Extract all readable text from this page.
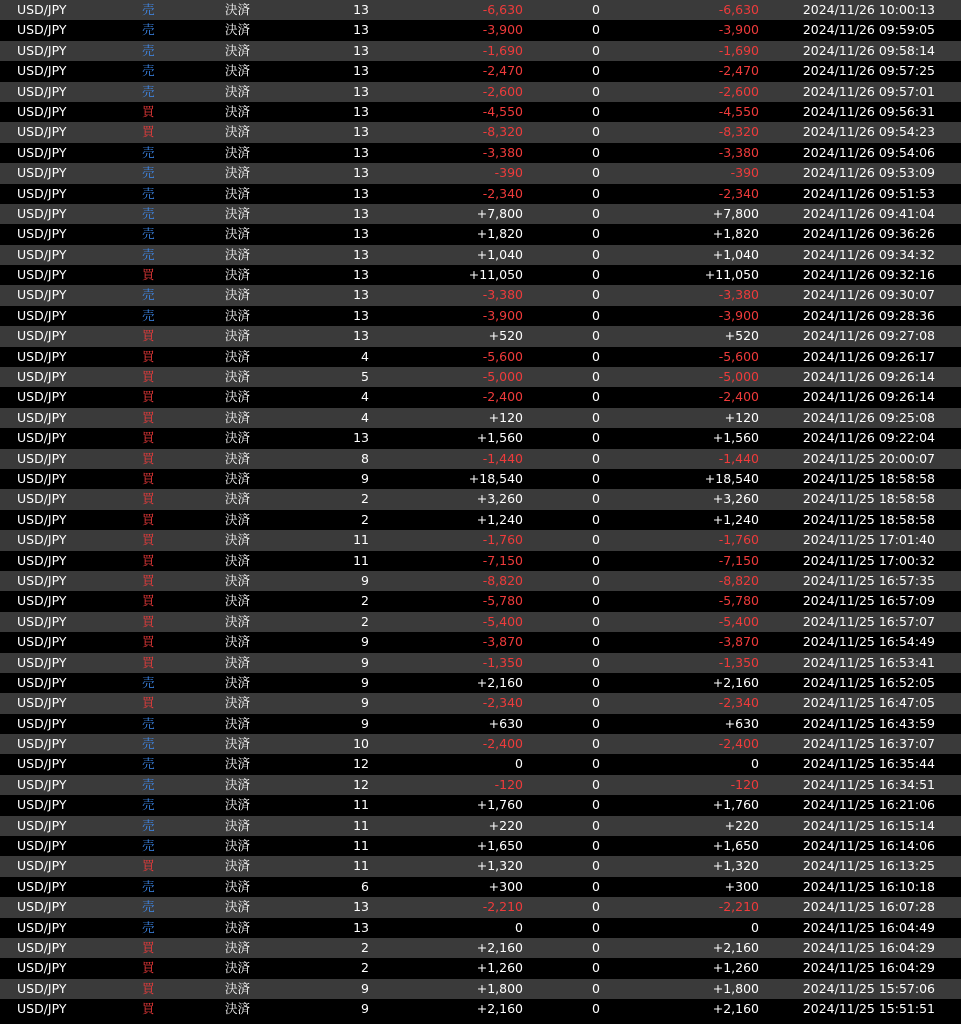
USD/JPY	売	決済	13	-6,630	0	-6,630	2024/11/26 10:00:13
USD/JPY	売	決済	13	-3,900	0	-3,900	2024/11/26 09:59:05
USD/JPY	売	決済	13	-1,690	0	-1,690	2024/11/26 09:58:14
USD/JPY	売	決済	13	-2,470	0	-2,470	2024/11/26 09:57:25
USD/JPY	売	決済	13	-2,600	0	-2,600	2024/11/26 09:57:01
USD/JPY	買	決済	13	-4,550	0	-4,550	2024/11/26 09:56:31
USD/JPY	買	決済	13	-8,320	0	-8,320	2024/11/26 09:54:23
USD/JPY	売	決済	13	-3,380	0	-3,380	2024/11/26 09:54:06
USD/JPY	売	決済	13	-390	0	-390	2024/11/26 09:53:09
USD/JPY	売	決済	13	-2,340	0	-2,340	2024/11/26 09:51:53
USD/JPY	売	決済	13	+7,800	0	+7,800	2024/11/26 09:41:04
USD/JPY	売	決済	13	+1,820	0	+1,820	2024/11/26 09:36:26
USD/JPY	売	決済	13	+1,040	0	+1,040	2024/11/26 09:34:32
USD/JPY	買	決済	13	+11,050	0	+11,050	2024/11/26 09:32:16
USD/JPY	売	決済	13	-3,380	0	-3,380	2024/11/26 09:30:07
USD/JPY	売	決済	13	-3,900	0	-3,900	2024/11/26 09:28:36
USD/JPY	買	決済	13	+520	0	+520	2024/11/26 09:27:08
USD/JPY	買	決済	4	-5,600	0	-5,600	2024/11/26 09:26:17
USD/JPY	買	決済	5	-5,000	0	-5,000	2024/11/26 09:26:14
USD/JPY	買	決済	4	-2,400	0	-2,400	2024/11/26 09:26:14
USD/JPY	買	決済	4	+120	0	+120	2024/11/26 09:25:08
USD/JPY	買	決済	13	+1,560	0	+1,560	2024/11/26 09:22:04
USD/JPY	買	決済	8	-1,440	0	-1,440	2024/11/25 20:00:07
USD/JPY	買	決済	9	+18,540	0	+18,540	2024/11/25 18:58:58
USD/JPY	買	決済	2	+3,260	0	+3,260	2024/11/25 18:58:58
USD/JPY	買	決済	2	+1,240	0	+1,240	2024/11/25 18:58:58
USD/JPY	買	決済	11	-1,760	0	-1,760	2024/11/25 17:01:40
USD/JPY	買	決済	11	-7,150	0	-7,150	2024/11/25 17:00:32
USD/JPY	買	決済	9	-8,820	0	-8,820	2024/11/25 16:57:35
USD/JPY	買	決済	2	-5,780	0	-5,780	2024/11/25 16:57:09
USD/JPY	買	決済	2	-5,400	0	-5,400	2024/11/25 16:57:07
USD/JPY	買	決済	9	-3,870	0	-3,870	2024/11/25 16:54:49
USD/JPY	買	決済	9	-1,350	0	-1,350	2024/11/25 16:53:41
USD/JPY	売	決済	9	+2,160	0	+2,160	2024/11/25 16:52:05
USD/JPY	買	決済	9	-2,340	0	-2,340	2024/11/25 16:47:05
USD/JPY	売	決済	9	+630	0	+630	2024/11/25 16:43:59
USD/JPY	売	決済	10	-2,400	0	-2,400	2024/11/25 16:37:07
USD/JPY	売	決済	12	0	0	0	2024/11/25 16:35:44
USD/JPY	売	決済	12	-120	0	-120	2024/11/25 16:34:51
USD/JPY	売	決済	11	+1,760	0	+1,760	2024/11/25 16:21:06
USD/JPY	売	決済	11	+220	0	+220	2024/11/25 16:15:14
USD/JPY	売	決済	11	+1,650	0	+1,650	2024/11/25 16:14:06
USD/JPY	買	決済	11	+1,320	0	+1,320	2024/11/25 16:13:25
USD/JPY	売	決済	6	+300	0	+300	2024/11/25 16:10:18
USD/JPY	売	決済	13	-2,210	0	-2,210	2024/11/25 16:07:28
USD/JPY	売	決済	13	0	0	0	2024/11/25 16:04:49
USD/JPY	買	決済	2	+2,160	0	+2,160	2024/11/25 16:04:29
USD/JPY	買	決済	2	+1,260	0	+1,260	2024/11/25 16:04:29
USD/JPY	買	決済	9	+1,800	0	+1,800	2024/11/25 15:57:06
USD/JPY	買	決済	9	+2,160	0	+2,160	2024/11/25 15:51:51
